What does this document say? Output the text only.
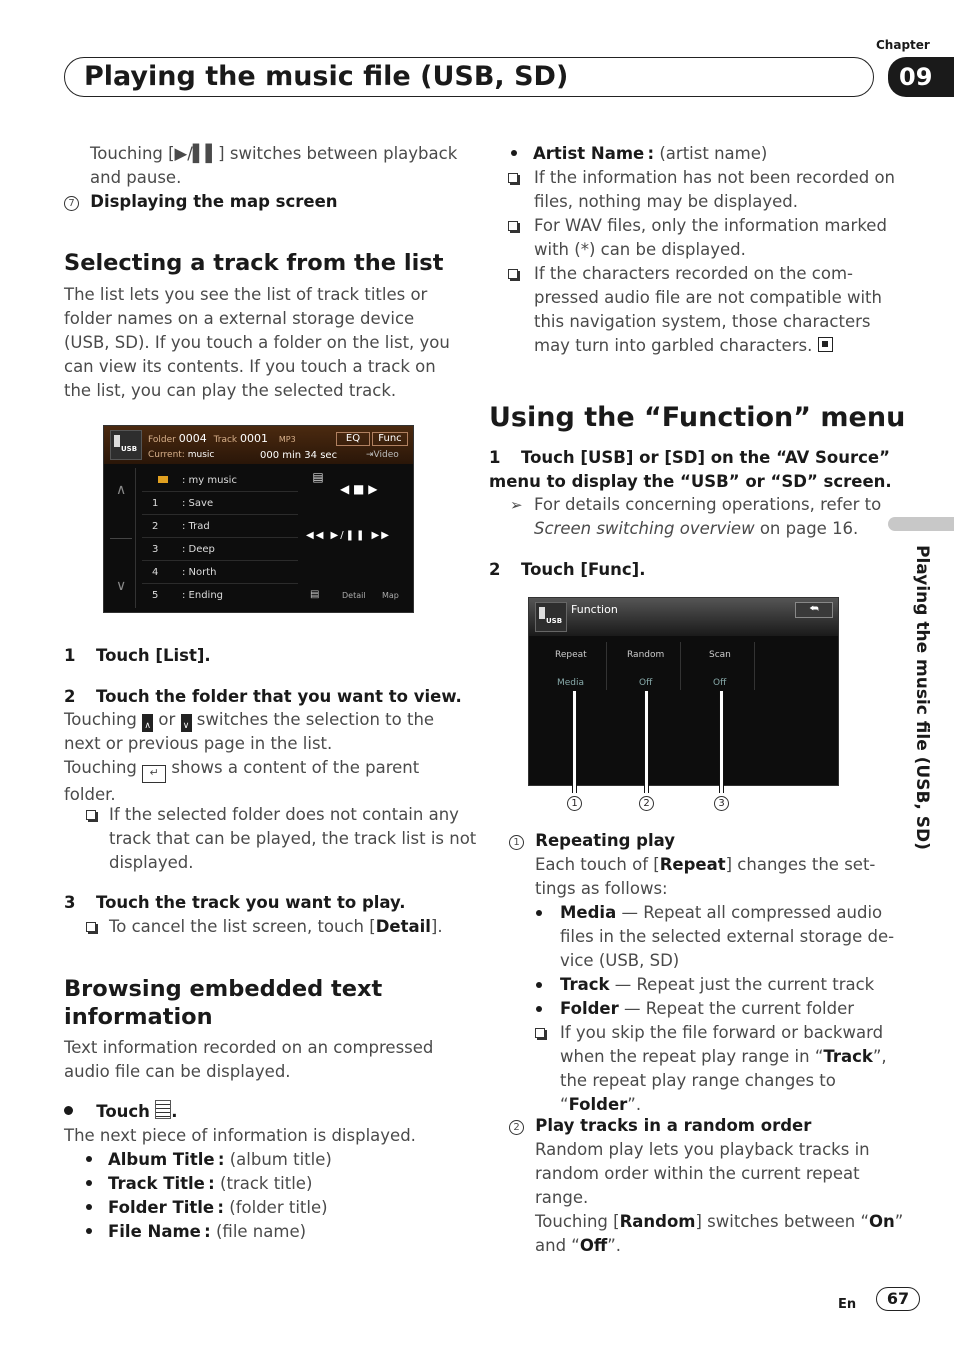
Playing the music file (USB, SD)
Chapter
09
Playing the music file (USB, SD)

Touching [▶/▌▌] switches between playback

and pause.

7 Displaying the map screen
Selecting a track from the list

The list lets you see the list of track titles or

folder names on a external storage device

(USB, SD). If you touch a folder on the list, you

can view its contents. If you touch a track on

the list, you can play the selected track.

USB
Folder 0004 Track 0001 MP3
Current: music	000 min 34 sec
EQ	Func
⇥Video
∧
∨
: my music
1 : Save
2 : Trad
3 : Deep
4 : North
5 : Ending
▤
◀ ■ ▶
◀◀ ▶/❚❚ ▶▶
▤	Detail Map
1 Touch [List].
2 Touch the folder that you want to view.

Touching ∧ or ∨ switches the selection to the

next or previous page in the list.

Touching ↵ shows a content of the parent

folder.

If the selected folder does not contain any

track that can be played, the track list is not

displayed.

3 Touch the track you want to play.
To cancel the list screen, touch [Detail].

Browsing embedded text

information

Text information recorded on an compressed

audio file can be displayed.

Touch .
The next piece of information is displayed.

Album Title : (album title)

Track Title : (track title)

Folder Title : (folder title)

File Name : (file name)

Artist Name : (artist name)

If the information has not been recorded on

files, nothing may be displayed.

For WAV files, only the information marked

with (*) can be displayed.

If the characters recorded on the com-

pressed audio file are not compatible with

this navigation system, those characters

may turn into garbled characters.

Using the “Function” menu

1 Touch [USB] or [SD] on the “AV Source”

menu to display the “USB” or “SD” screen.

➢ For details concerning operations, refer to

Screen switching overview on page 16.

2 Touch [Func].
USB
Function	⮪
Repeat
Media
Random
Off
Scan
Off
1	2	3
1 Repeating play

Each touch of [Repeat] changes the set-

tings as follows:

Media — Repeat all compressed audio

files in the selected external storage de-

vice (USB, SD)

Track — Repeat just the current track

Folder — Repeat the current folder

If you skip the file forward or backward

when the repeat play range in “Track”,

the repeat play range changes to

“Folder”.

2 Play tracks in a random order

Random play lets you playback tracks in

random order within the current repeat

range.

Touching [Random] switches between “On”

and “Off”.

En	67
